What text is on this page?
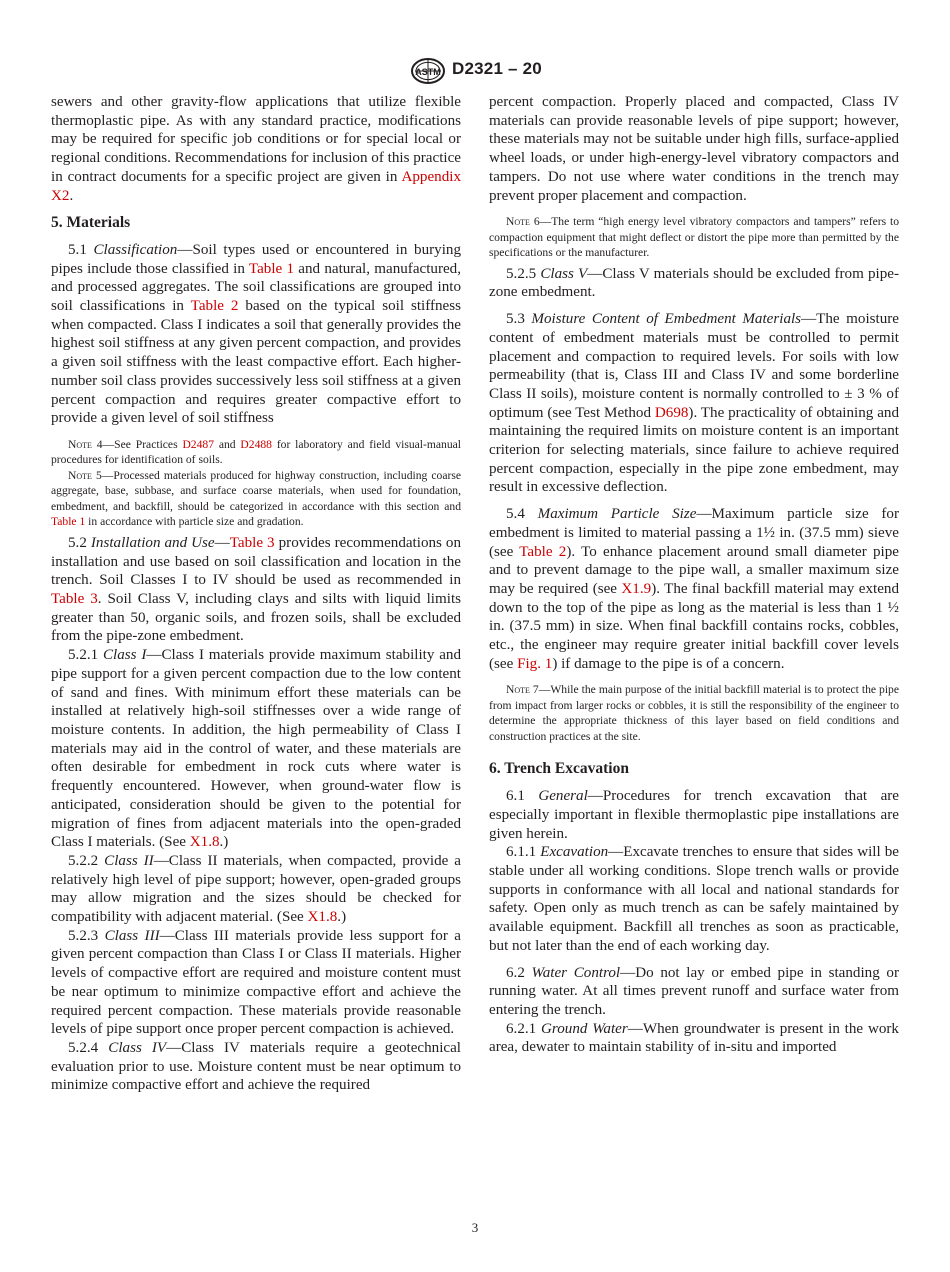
ASTM D2321 – 20

sewers and other gravity-flow applications that utilize flexible thermoplastic pipe. As with any standard practice, modifications may be required for specific job conditions or for special local or regional conditions. Recommendations for inclusion of this practice in contract documents for a specific project are given in Appendix X2.

5. Materials

5.1 Classification—Soil types used or encountered in burying pipes include those classified in Table 1 and natural, manufactured, and processed aggregates. The soil classifications are grouped into soil classifications in Table 2 based on the typical soil stiffness when compacted. Class I indicates a soil that generally provides the highest soil stiffness at any given percent compaction, and provides a given soil stiffness with the least compactive effort. Each higher-number soil class provides successively less soil stiffness at a given percent compaction and requires greater compactive effort to provide a given level of soil stiffness

Note 4—See Practices D2487 and D2488 for laboratory and field visual-manual procedures for identification of soils.

Note 5—Processed materials produced for highway construction, including coarse aggregate, base, subbase, and surface coarse materials, when used for foundation, embedment, and backfill, should be categorized in accordance with this section and Table 1 in accordance with particle size and gradation.

5.2 Installation and Use—Table 3 provides recommendations on installation and use based on soil classification and location in the trench. Soil Classes I to IV should be used as recommended in Table 3. Soil Class V, including clays and silts with liquid limits greater than 50, organic soils, and frozen soils, shall be excluded from the pipe-zone embedment.

5.2.1 Class I—Class I materials provide maximum stability and pipe support for a given percent compaction due to the low content of sand and fines. With minimum effort these materials can be installed at relatively high-soil stiffnesses over a wide range of moisture contents. In addition, the high permeability of Class I materials may aid in the control of water, and these materials are often desirable for embedment in rock cuts where water is frequently encountered. However, when ground-water flow is anticipated, consideration should be given to the potential for migration of fines from adjacent materials into the open-graded Class I materials. (See X1.8.)

5.2.2 Class II—Class II materials, when compacted, provide a relatively high level of pipe support; however, open-graded groups may allow migration and the sizes should be checked for compatibility with adjacent material. (See X1.8.)

5.2.3 Class III—Class III materials provide less support for a given percent compaction than Class I or Class II materials. Higher levels of compactive effort are required and moisture content must be near optimum to minimize compactive effort and achieve the required percent compaction. These materials provide reasonable levels of pipe support once proper percent compaction is achieved.

5.2.4 Class IV—Class IV materials require a geotechnical evaluation prior to use. Moisture content must be near optimum to minimize compactive effort and achieve the required

percent compaction. Properly placed and compacted, Class IV materials can provide reasonable levels of pipe support; however, these materials may not be suitable under high fills, surface-applied wheel loads, or under high-energy-level vibratory compactors and tampers. Do not use where water conditions in the trench may prevent proper placement and compaction.

Note 6—The term “high energy level vibratory compactors and tampers” refers to compaction equipment that might deflect or distort the pipe more than permitted by the specifications or the manufacturer.

5.2.5 Class V—Class V materials should be excluded from pipe-zone embedment.

5.3 Moisture Content of Embedment Materials—The moisture content of embedment materials must be controlled to permit placement and compaction to required levels. For soils with low permeability (that is, Class III and Class IV and some borderline Class II soils), moisture content is normally controlled to ± 3 % of optimum (see Test Method D698). The practicality of obtaining and maintaining the required limits on moisture content is an important criterion for selecting materials, since failure to achieve required percent compaction, especially in the pipe zone embedment, may result in excessive deflection.

5.4 Maximum Particle Size—Maximum particle size for embedment is limited to material passing a 1½ in. (37.5 mm) sieve (see Table 2). To enhance placement around small diameter pipe and to prevent damage to the pipe wall, a smaller maximum size may be required (see X1.9). The final backfill material may extend down to the top of the pipe as long as the material is less than 1 ½ in. (37.5 mm) in size. When final backfill contains rocks, cobbles, etc., the engineer may require greater initial backfill cover levels (see Fig. 1) if damage to the pipe is of a concern.

Note 7—While the main purpose of the initial backfill material is to protect the pipe from impact from larger rocks or cobbles, it is still the responsibility of the engineer to determine the appropriate thickness of this layer based on field conditions and construction practices at the site.

6. Trench Excavation

6.1 General—Procedures for trench excavation that are especially important in flexible thermoplastic pipe installations are given herein.

6.1.1 Excavation—Excavate trenches to ensure that sides will be stable under all working conditions. Slope trench walls or provide supports in conformance with all local and national standards for safety. Open only as much trench as can be safely maintained by available equipment. Backfill all trenches as soon as practicable, but not later than the end of each working day.

6.2 Water Control—Do not lay or embed pipe in standing or running water. At all times prevent runoff and surface water from entering the trench.

6.2.1 Ground Water—When groundwater is present in the work area, dewater to maintain stability of in-situ and imported

3
